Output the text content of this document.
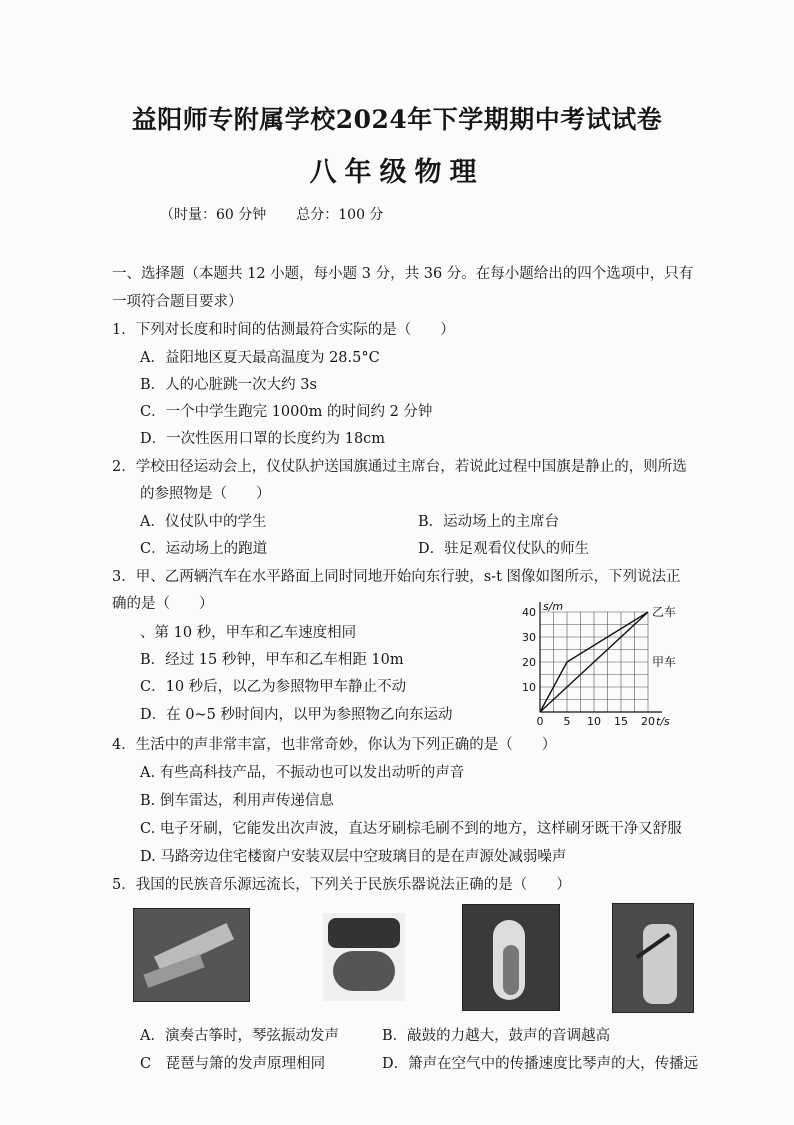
益阳师专附属学校2024年下学期期中考试试卷
八年级物理
（时量：60 分钟 总分：100 分
一、选择题（本题共 12 小题，每小题 3 分，共 36 分。在每小题给出的四个选项中，只有
一项符合题目要求）
1．下列对长度和时间的估测最符合实际的是（　　）
A．益阳地区夏天最高温度为 28.5°C
B．人的心脏跳一次大约 3s
C．一个中学生跑完 1000m 的时间约 2 分钟
D．一次性医用口罩的长度约为 18cm
2．学校田径运动会上，仪仗队护送国旗通过主席台，若说此过程中国旗是静止的，则所选
的参照物是（　　）
A．仪仗队中的学生	B．运动场上的主席台
C．运动场上的跑道	D．驻足观看仪仗队的师生
3．甲、乙两辆汽车在水平路面上同时同地开始向东行驶，s-t 图像如图所示，下列说法正
确的是（　　）
、第 10 秒，甲车和乙车速度相同
B．经过 15 秒钟，甲车和乙车相距 10m
C．10 秒后，以乙为参照物甲车静止不动
D．在 0~5 秒时间内，以甲为参照物乙向东运动	0 5 10 15 20
10
20
30
40 s/m
t/s
乙车
甲车
4．生活中的声非常丰富，也非常奇妙，你认为下列正确的是（　　）
A. 有些高科技产品，不振动也可以发出动听的声音
B. 倒车雷达，利用声传递信息
C. 电子牙刷，它能发出次声波，直达牙刷棕毛刷不到的地方，这样刷牙既干净又舒服
D. 马路旁边住宅楼窗户安装双层中空玻璃目的是在声源处减弱噪声
5．我国的民族音乐源远流长，下列关于民族乐器说法正确的是（　　）
A．演奏古筝时，琴弦振动发声	B．敲鼓的力越大，鼓声的音调越高
C　琵琶与箫的发声原理相同	D．箫声在空气中的传播速度比琴声的大，传播远
